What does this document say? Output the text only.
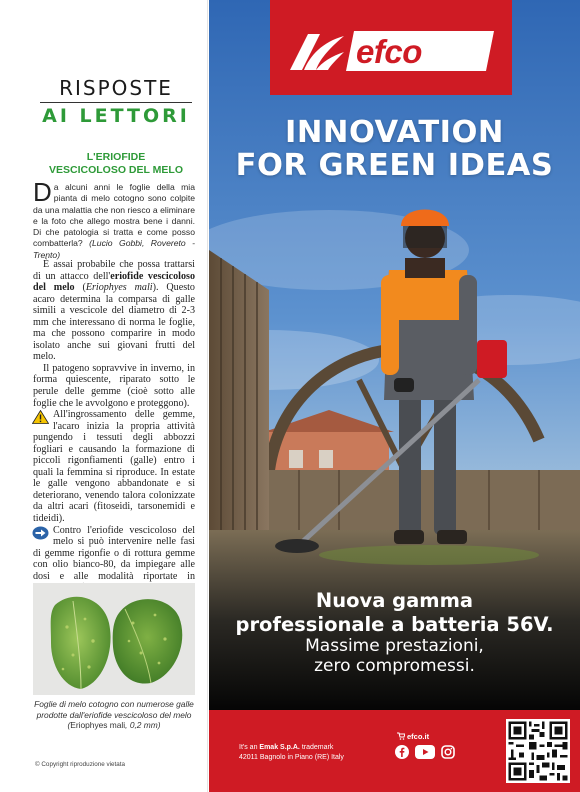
RISPOSTE
AI LETTORI
L'ERIOFIDE
VESCICOLOSO DEL MELO
Da alcuni anni le foglie della mia pianta di melo cotogno sono colpite da una malattia che non riesco a eliminare e la foto che allego mostra bene i danni. Di che patologia si tratta e come posso combatterla? (Lucio Gobbi, Rovereto - Trento)

È assai probabile che possa trattarsi di un attacco dell'eriofide vescicoloso del melo (Eriophyes mali). Questo acaro determina la comparsa di galle simili a vescicole del diametro di 2-3 mm che interessano di norma le foglie, ma che possono comparire in modo isolato anche sui giovani frutti del melo.

Il patogeno sopravvive in inverno, in forma quiescente, riparato sotto le perule delle gemme (cioè sotto alle foglie che le avvolgono e proteggono).

All'ingrossamento delle gemme, l'acaro inizia la propria attività pungendo i tessuti degli abbozzi fogliari e causando la formazione di piccoli rigonfiamenti (galle) entro i quali la femmina si riproduce. In estate le galle vengono abbandonate e si deteriorano, venendo talora colonizzate da altri acari (fitoseidi, tarsonemidi e tideidi).

Contro l'eriofide vescicoloso del melo si può intervenire nelle fasi di gemme rigonfie o di rottura gemme con olio bianco-80, da impiegare alle dosi e alle modalità riportate in

Foglie di melo cotogno con numerose galle prodotte dall'eriofide vescicoloso del melo (Eriophyes mali, 0,2 mm)
© Copyright riproduzione vietata
efco
INNOVATION
FOR GREEN IDEAS
Nuova gamma
professionale a batteria 56V.
Massime prestazioni,
zero compromessi.
It's an Emak S.p.A. trademark
42011 Bagnolo in Piano (RE) Italy
efco.it
